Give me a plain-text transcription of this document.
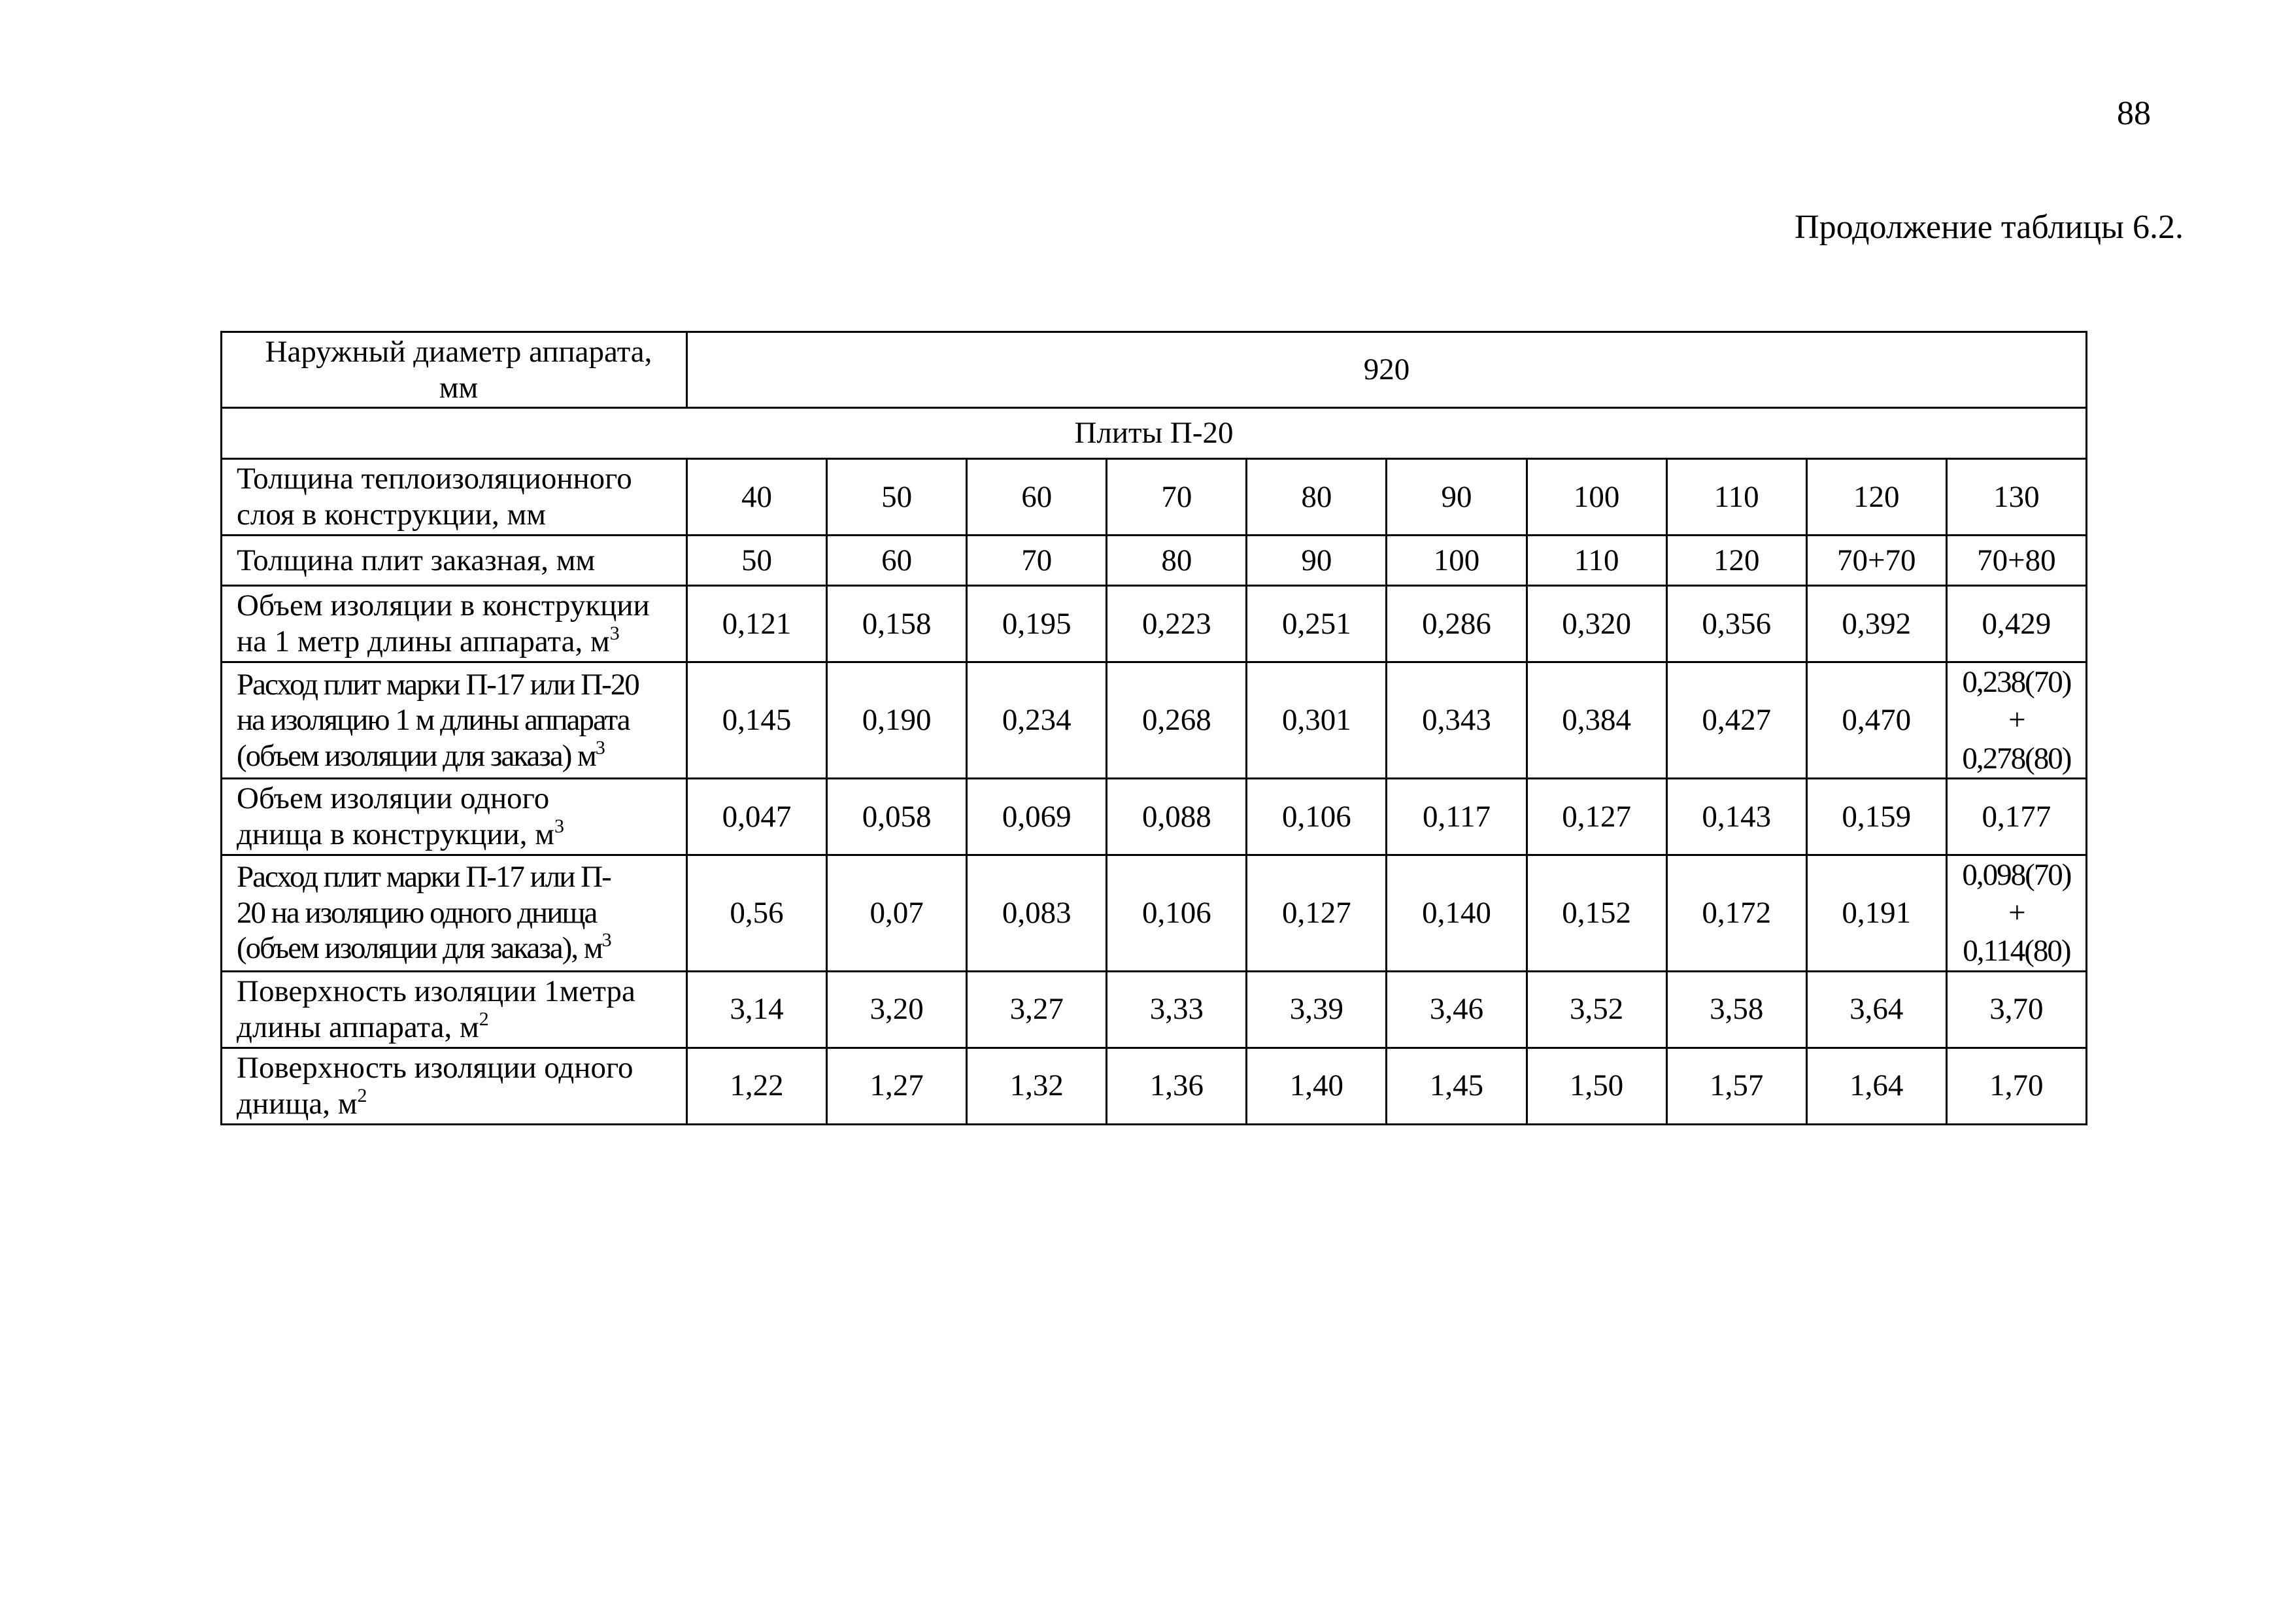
88
Продолжение таблицы 6.2.
Наружный диаметр аппарата,
мм	920									
Плиты П-20										

Толщина теплоизоляционного
слоя в конструкции, мм	40	50	60	70	80	90	100	110	120	130

Толщина плит заказная, мм	50	60	70	80	90	100	110	120	70+70	70+80

Объем изоляции в конструкции
на 1 метр длины аппарата, $м^3$	0,121	0,158	0,195	0,223	0,251	0,286	0,320	0,356	0,392	0,429

Расход плит марки П-17 или П-20
на изоляцию 1 м длины аппарата
(объем изоляции для заказа) $м^3$	0,145	0,190	0,234	0,268	0,301	0,343	0,384	0,427	0,470	0,238(70)
+
0,278(80)

Объем изоляции одного
днища в конструкции, $м^3$	0,047	0,058	0,069	0,088	0,106	0,117	0,127	0,143	0,159	0,177

Расход плит марки П-17 или П-
20 на изоляцию одного днища
(объем изоляции для заказа), $м^3$	0,56	0,07	0,083	0,106	0,127	0,140	0,152	0,172	0,191	0,098(70)
+
0,114(80)

Поверхность изоляции 1метра
длины аппарата, $м^2$	3,14	3,20	3,27	3,33	3,39	3,46	3,52	3,58	3,64	3,70

Поверхность изоляции одного
днища, $м^2$	1,22	1,27	1,32	1,36	1,40	1,45	1,50	1,57	1,64	1,70
